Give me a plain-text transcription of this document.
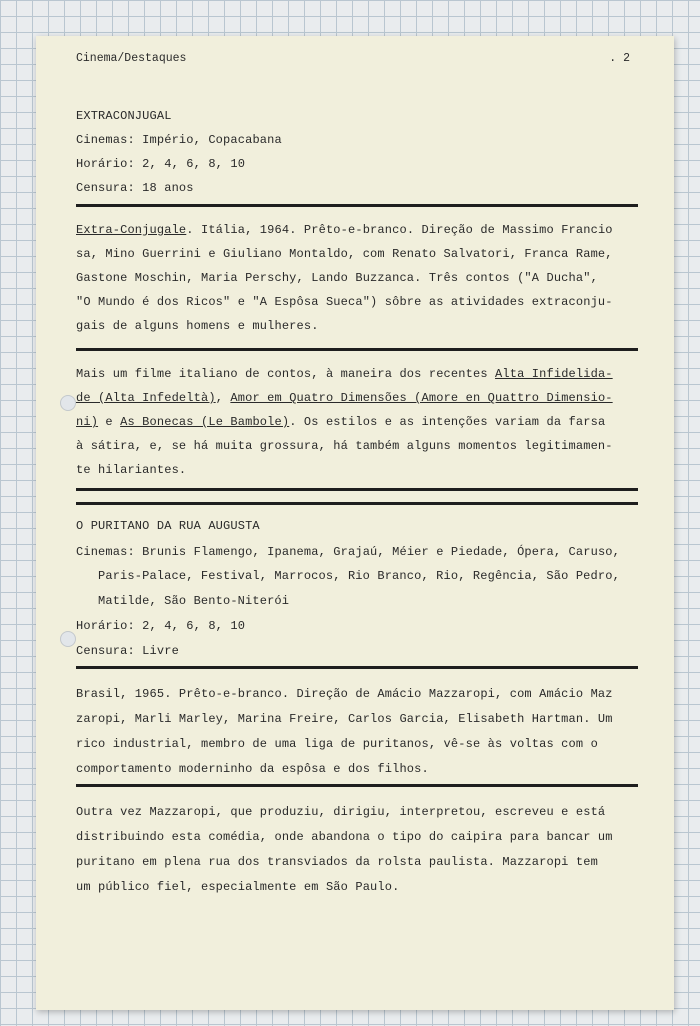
Cinema/Destaques	. 2
EXTRACONJUGAL
Cinemas: Império, Copacabana
Horário: 2, 4, 6, 8, 10
Censura: 18 anos
Extra-Conjugale. Itália, 1964. Prêto-e-branco. Direção de Massimo Francio
sa, Mino Guerrini e Giuliano Montaldo, com Renato Salvatori, Franca Rame,
Gastone Moschin, Maria Perschy, Lando Buzzanca. Três contos ("A Ducha",
"O Mundo é dos Ricos" e "A Espôsa Sueca") sôbre as atividades extraconju-
gais de alguns homens e mulheres.
Mais um filme italiano de contos, à maneira dos recentes Alta Infidelida-
de (Alta Infedeltà), Amor em Quatro Dimensões (Amore en Quattro Dimensio-
ni) e As Bonecas (Le Bambole). Os estilos e as intenções variam da farsa
à sátira, e, se há muita grossura, há também alguns momentos legitimamen-
te hilariantes.
O PURITANO DA RUA AUGUSTA
Cinemas: Brunis Flamengo, Ipanema, Grajaú, Méier e Piedade, Ópera, Caruso,
Paris-Palace, Festival, Marrocos, Rio Branco, Rio, Regência, São Pedro,
Matilde, São Bento-Niterói
Horário: 2, 4, 6, 8, 10
Censura: Livre
Brasil, 1965. Prêto-e-branco. Direção de Amácio Mazzaropi, com Amácio Maz
zaropi, Marli Marley, Marina Freire, Carlos Garcia, Elisabeth Hartman. Um
rico industrial, membro de uma liga de puritanos, vê-se às voltas com o
comportamento moderninho da espôsa e dos filhos.
Outra vez Mazzaropi, que produziu, dirigiu, interpretou, escreveu e está
distribuindo esta comédia, onde abandona o tipo do caipira para bancar um
puritano em plena rua dos transviados da rolsta paulista. Mazzaropi tem
um público fiel, especialmente em São Paulo.
